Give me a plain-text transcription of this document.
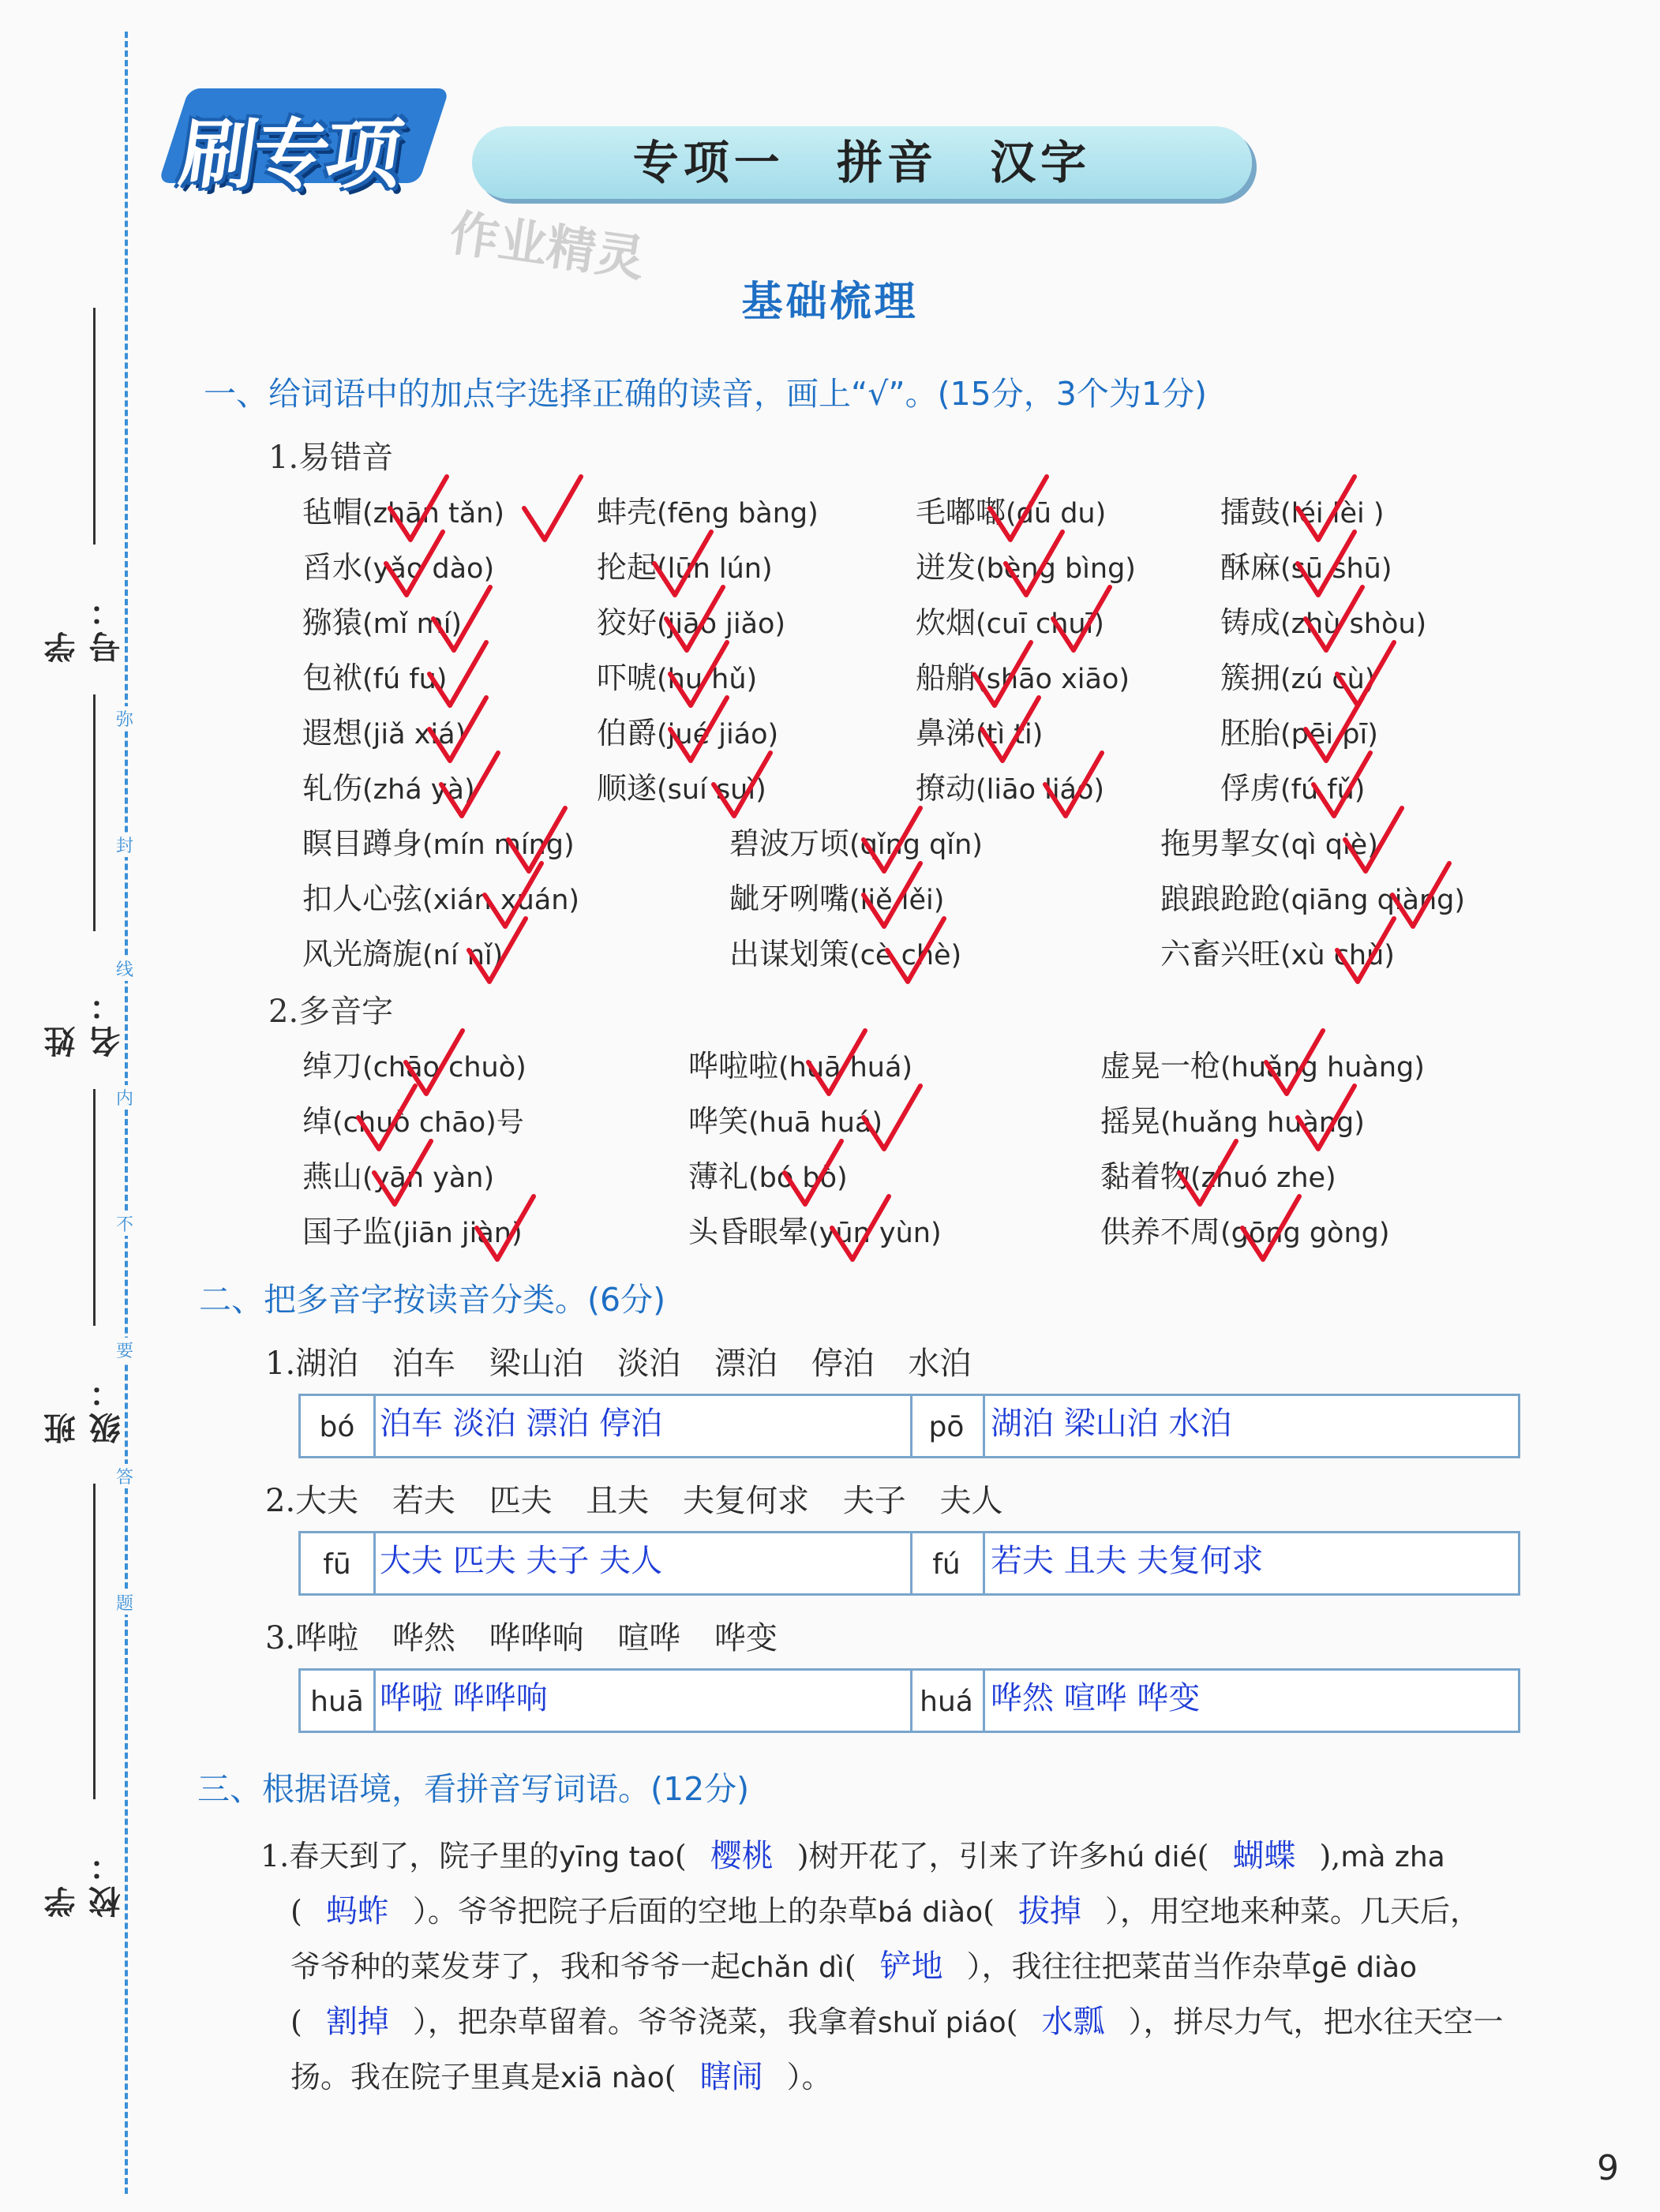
弥
封
线
内
不
要
答
题
学号：
姓名：
班级：
学校：
刷专项	专项一 拼音 汉字
作业精灵
基础梳理
一、给词语中的加点字选择正确的读音，画上“√”。(15分，3个为1分)
1.易错音
毡帽(zhān tǎn)	蚌壳(fēng bàng)	毛嘟嘟(dū du)	擂鼓(léi lèi )
舀水(yǎo dào)	抡起(lūn lún)	迸发(bèng bìng)	酥麻(sū shū)
猕猿(mǐ mí)	狡好(jiāo jiǎo)	炊烟(cuī chuī)	铸成(zhù shòu)
包袱(fú fu)	吓唬(hu hǔ)	船艄(shāo xiāo)	簇拥(zú cù)
遐想(jiǎ xiá)	伯爵(jué jiáo)	鼻涕(tì ti)	胚胎(pēi pī)
轧伤(zhá yà)	顺遂(suí suì)	撩动(liāo liáo)	俘虏(fú fǔ)
瞑目蹲身(mín míng)	碧波万顷(qǐng qǐn)	拖男挈女(qì qiè)
扣人心弦(xián xuán)	龇牙咧嘴(liě lěi)	踉踉跄跄(qiāng qiàng)
风光旖旎(ní nǐ)	出谋划策(cè chè)	六畜兴旺(xù chù)
2.多音字
绰刀(chāo chuò)	哗啦啦(huā huá)	虚晃一枪(huǎng huàng)
绰(chuò chāo)号	哗笑(huā huá)	摇晃(huǎng huàng)
燕山(yān yàn)	薄礼(bó bò)	黏着物(zhuó zhe)
国子监(jiān jiàn)	头昏眼晕(yūn yùn)	供养不周(gōng gòng)
二、把多音字按读音分类。(6分)
1.湖泊 泊车 梁山泊 淡泊 漂泊 停泊 水泊
bó 泊车 淡泊 漂泊 停泊	pō 湖泊 梁山泊 水泊
2.大夫 若夫 匹夫 且夫 夫复何求 夫子 夫人
fū 大夫 匹夫 夫子 夫人	fú 若夫 且夫 夫复何求
3.哗啦 哗然 哗哗响 喧哗 哗变
huā 哗啦 哗哗响	huá 哗然 喧哗 哗变
三、根据语境，看拼音写词语。(12分)
1.春天到了，院子里的yīng tao( 樱桃 )树开花了，引来了许多hú dié( 蝴蝶 ),mà zha
( 蚂蚱 ）。爷爷把院子后面的空地上的杂草bá diào( 拔掉 ），用空地来种菜。几天后，
爷爷种的菜发芽了，我和爷爷一起chǎn dì( 铲地 ），我往往把菜苗当作杂草gē diào
( 割掉 ），把杂草留着。爷爷浇菜，我拿着shuǐ piáo( 水瓢 ），拼尽力气，把水往天空一
扬。我在院子里真是xiā nào( 瞎闹 ）。
9
